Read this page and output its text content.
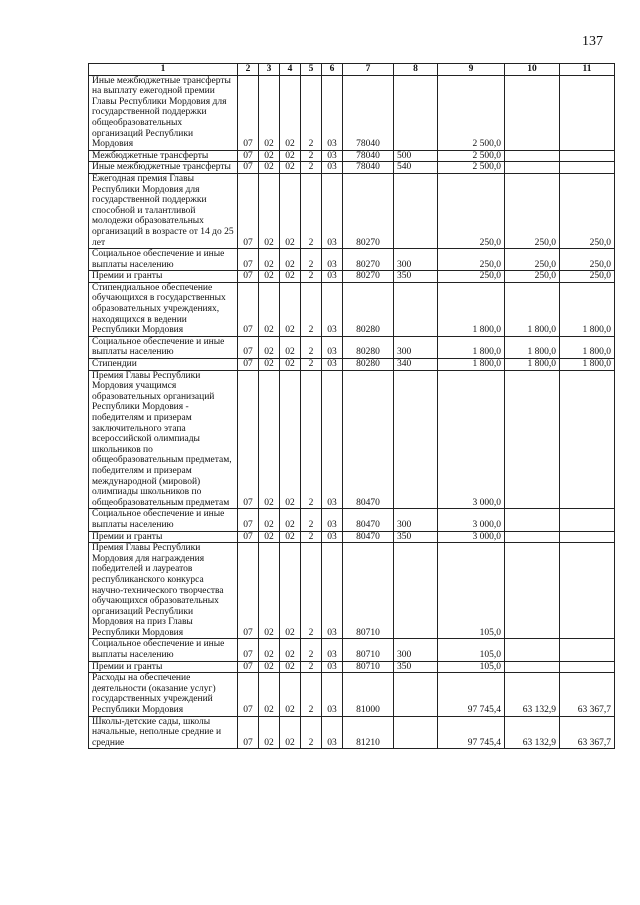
137
1	2	3	4	5	6	7	8	9	10	11
Иные межбюджетные трансферты на выплату ежегодной премии Главы Республики Мордовия для государственной поддержки общеобразовательных организаций Республики Мордовия	07	02	02	2	03	78040		2 500,0		
Межбюджетные трансферты	07	02	02	2	03	78040	500	2 500,0		
Иные межбюджетные трансферты	07	02	02	2	03	78040	540	2 500,0		
Ежегодная премия Главы Республики Мордовия для государственной поддержки способной и талантливой молодежи образовательных организаций в возрасте от 14 до 25 лет	07	02	02	2	03	80270		250,0	250,0	250,0
Социальное обеспечение и иные выплаты населению	07	02	02	2	03	80270	300	250,0	250,0	250,0
Премии и гранты	07	02	02	2	03	80270	350	250,0	250,0	250,0
Стипендиальное обеспечение обучающихся в государственных образовательных учреждениях, находящихся в ведении Республики Мордовия	07	02	02	2	03	80280		1 800,0	1 800,0	1 800,0
Социальное обеспечение и иные выплаты населению	07	02	02	2	03	80280	300	1 800,0	1 800,0	1 800,0
Стипендии	07	02	02	2	03	80280	340	1 800,0	1 800,0	1 800,0
Премия Главы Республики Мордовия учащимся образовательных организаций Республики Мордовия - победителям и призерам заключительного этапа всероссийской олимпиады школьников по общеобразовательным предметам, победителям и призерам международной (мировой) олимпиады школьников по общеобразовательным предметам	07	02	02	2	03	80470		3 000,0		
Социальное обеспечение и иные выплаты населению	07	02	02	2	03	80470	300	3 000,0		
Премии и гранты	07	02	02	2	03	80470	350	3 000,0		
Премия Главы Республики Мордовия для награждения победителей и лауреатов республиканского конкурса научно-технического творчества обучающихся образовательных организаций Республики Мордовия на приз Главы Республики Мордовия	07	02	02	2	03	80710		105,0		
Социальное обеспечение и иные выплаты населению	07	02	02	2	03	80710	300	105,0		
Премии и гранты	07	02	02	2	03	80710	350	105,0		
Расходы на обеспечение деятельности (оказание услуг) государственных учреждений Республики Мордовия	07	02	02	2	03	81000		97 745,4	63 132,9	63 367,7
Школы-детские сады, школы начальные, неполные средние и средние	07	02	02	2	03	81210		97 745,4	63 132,9	63 367,7
